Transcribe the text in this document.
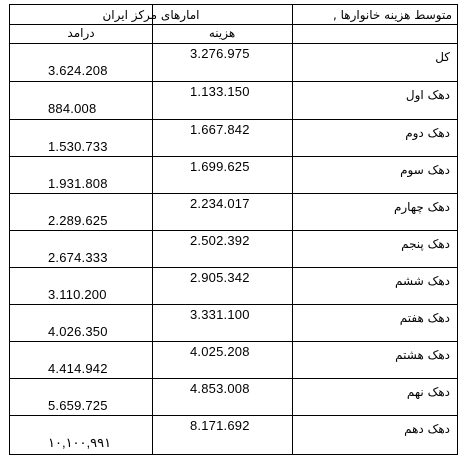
امارهای مرکز ایران	متوسط هزینه خانوارها ,
درامد	هزینه
کل
3.276.975
3.624.208
دهک اول
1.133.150
884.008
دهک دوم
1.667.842
1.530.733
دهک سوم
1.699.625
1.931.808
دهک چهارم
2.234.017
2.289.625
دهک پنجم
2.502.392
2.674.333
دهک ششم
2.905.342
3.110.200
دهک هفتم
3.331.100
4.026.350
دهک هشتم
4.025.208
4.414.942
دهک نهم
4.853.008
5.659.725
دهک دهم
8.171.692
۱۰,۱۰۰,۹۹۱
